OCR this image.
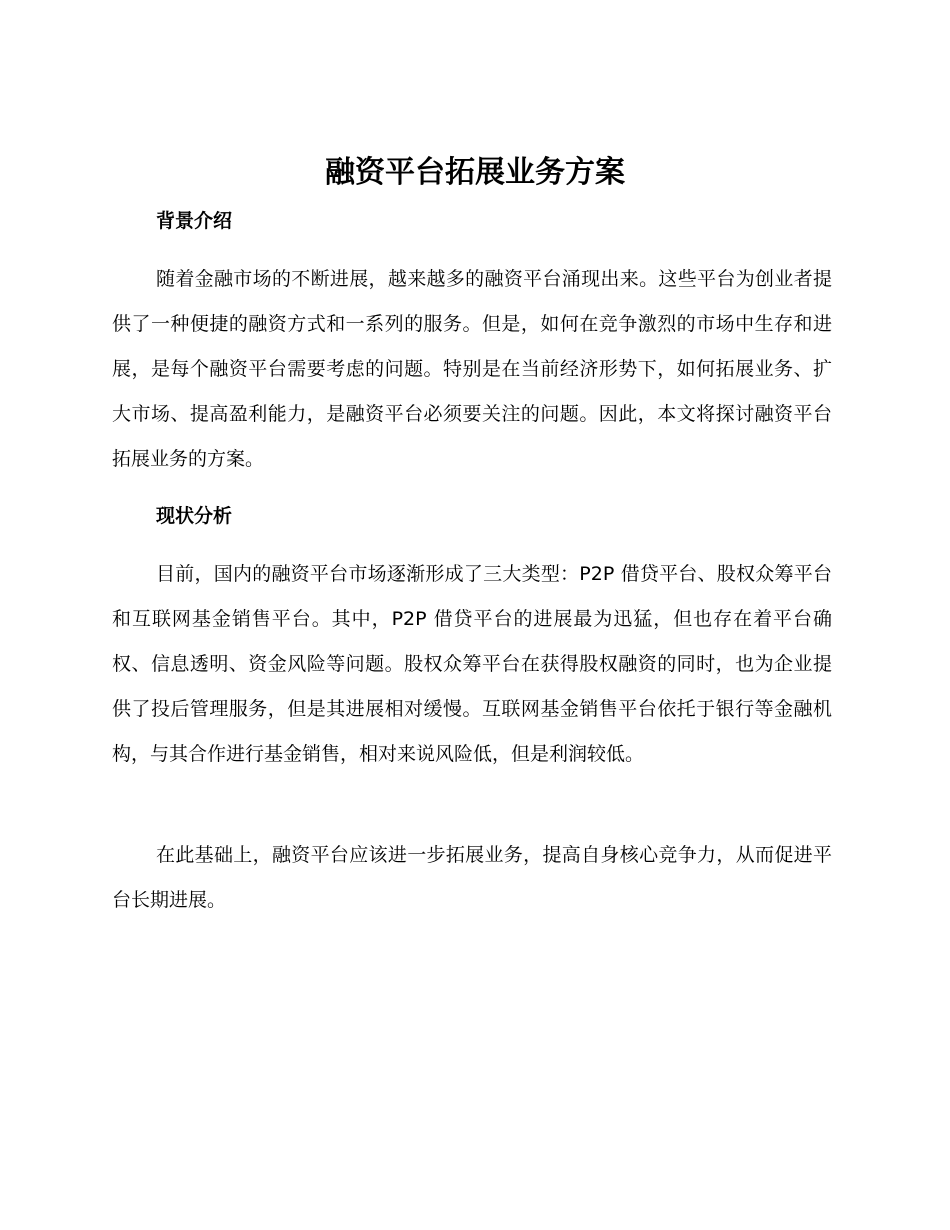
融资平台拓展业务方案
背景介绍

随着金融市场的不断进展，越来越多的融资平台涌现出来。这些平台为创业者提供了一种便捷的融资方式和一系列的服务。但是，如何在竞争激烈的市场中生存和进展，是每个融资平台需要考虑的问题。特别是在当前经济形势下，如何拓展业务、扩大市场、提高盈利能力，是融资平台必须要关注的问题。因此，本文将探讨融资平台拓展业务的方案。

现状分析

目前，国内的融资平台市场逐渐形成了三大类型：P2P 借贷平台、股权众筹平台和互联网基金销售平台。其中，P2P 借贷平台的进展最为迅猛，但也存在着平台确权、信息透明、资金风险等问题。股权众筹平台在获得股权融资的同时，也为企业提供了投后管理服务，但是其进展相对缓慢。互联网基金销售平台依托于银行等金融机构，与其合作进行基金销售，相对来说风险低，但是利润较低。

在此基础上，融资平台应该进一步拓展业务，提高自身核心竞争力，从而促进平台长期进展。
